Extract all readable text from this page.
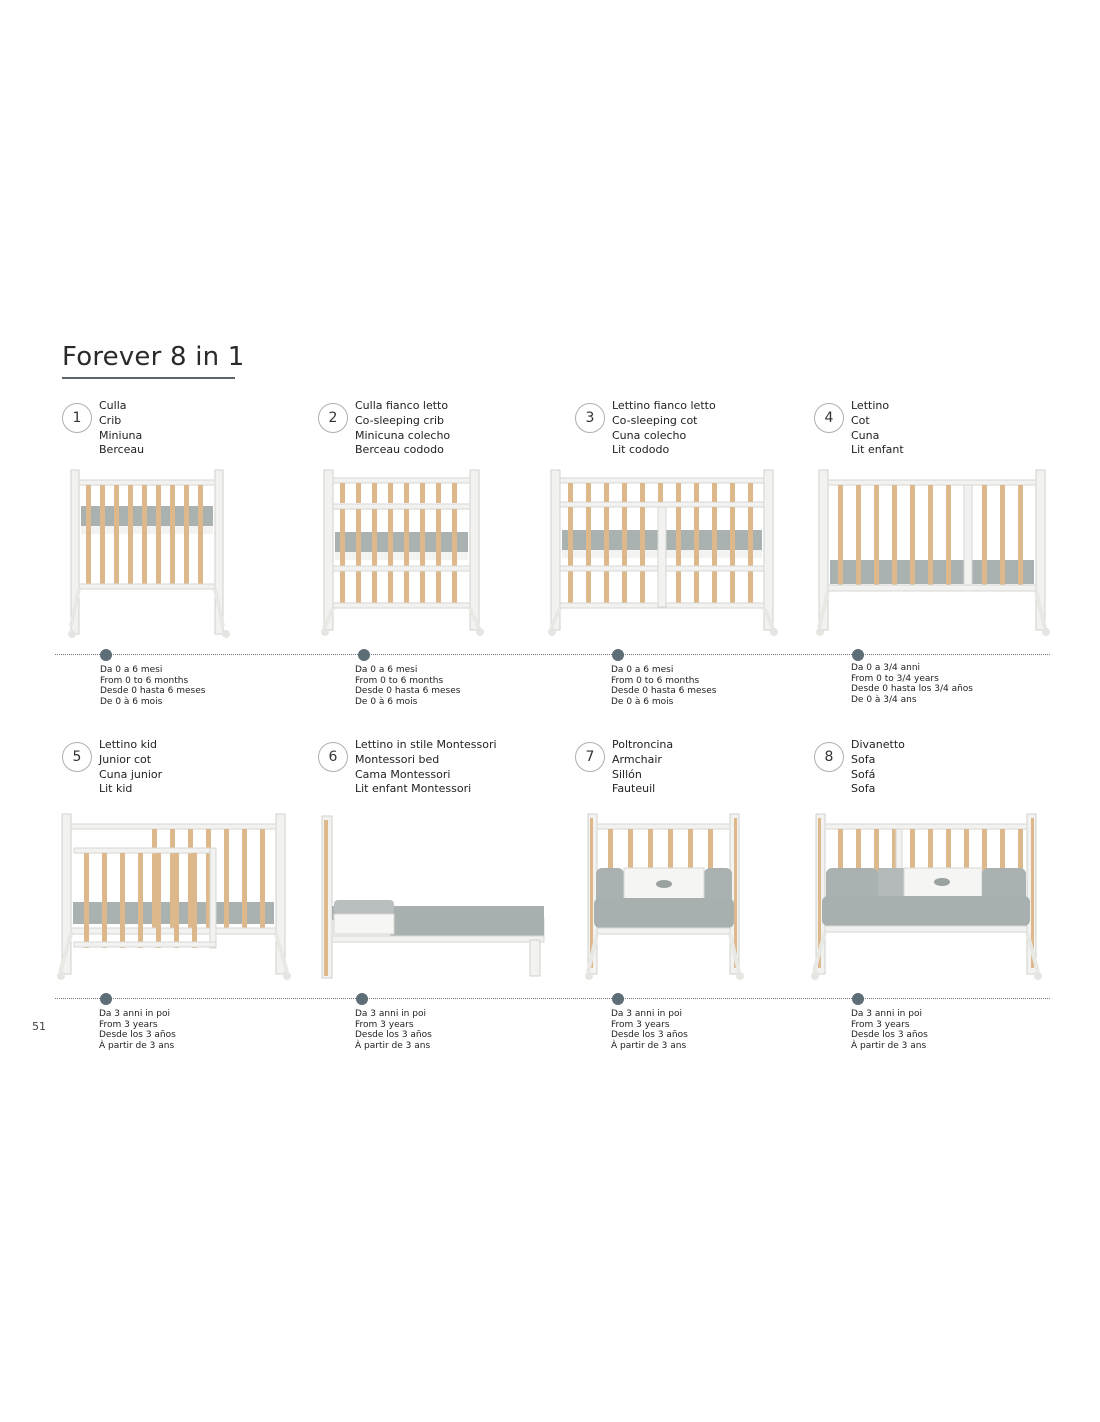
Forever 8 in 1
51
1
Culla
Crib
Miniuna
Berceau
Da 0 a 6 mesi
From 0 to 6 months
Desde 0 hasta 6 meses
De 0 à 6 mois
2
Culla fianco letto
Co-sleeping crib
Minicuna colecho
Berceau cododo
Da 0 a 6 mesi
From 0 to 6 months
Desde 0 hasta 6 meses
De 0 à 6 mois
3
Lettino fianco letto
Co-sleeping cot
Cuna colecho
Lit cododo
Da 0 a 6 mesi
From 0 to 6 months
Desde 0 hasta 6 meses
De 0 à 6 mois
4
Lettino
Cot
Cuna
Lit enfant
Da 0 a 3/4 anni
From 0 to 3/4 years
Desde 0 hasta los 3/4 años
De 0 à 3/4 ans
5
Lettino kid
Junior cot
Cuna junior
Lit kid
Da 3 anni in poi
From 3 years
Desde los 3 años
À partir de 3 ans
6
Lettino in stile Montessori
Montessori bed
Cama Montessori
Lit enfant Montessori
Da 3 anni in poi
From 3 years
Desde los 3 años
À partir de 3 ans
7
Poltroncina
Armchair
Sillón
Fauteuil
Da 3 anni in poi
From 3 years
Desde los 3 años
À partir de 3 ans
8
Divanetto
Sofa
Sofá
Sofa
Da 3 anni in poi
From 3 years
Desde los 3 años
À partir de 3 ans
